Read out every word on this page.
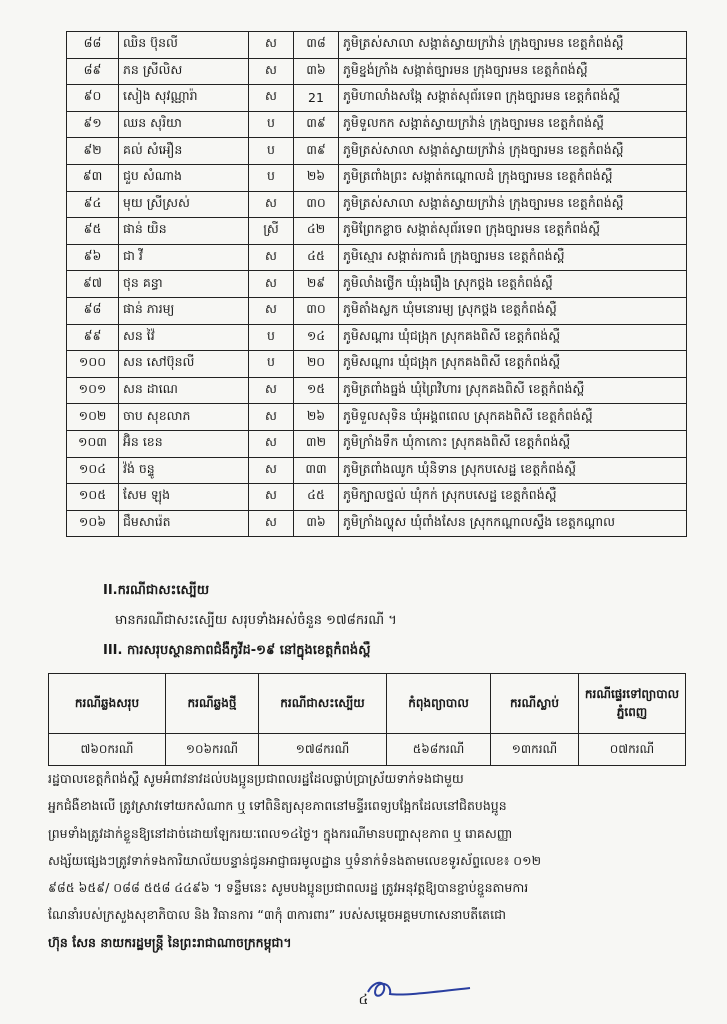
៨៨	ឈិន ប៊ុនលី	ស	៣៨	ភូមិត្រស់សាលា សង្កាត់ស្វាយក្រវ៉ាន់ ក្រុងច្បារមន ខេត្តកំពង់ស្ពឺ
៨៩	ភន ស្រីលិស	ស	៣៦	ភូមិខ្នង់ក្រាំង សង្កាត់ច្បារមន ក្រុងច្បារមន ខេត្តកំពង់ស្ពឺ
៩០	សៀង សុវណ្ណារ៉ា	ស	21	ភូមិហាលាំងសង្កែ សង្កាត់សុព័រទេព ក្រុងច្បារមន ខេត្តកំពង់ស្ពឺ
៩១	ឈន សុរិយា	ប	៣៩	ភូមិទួលកក សង្កាត់ស្វាយក្រវ៉ាន់ ក្រុងច្បារមន ខេត្តកំពង់ស្ពឺ
៩២	គល់ សំអឿន	ប	៣៩	ភូមិត្រស់សាលា សង្កាត់ស្វាយក្រវ៉ាន់ ក្រុងច្បារមន ខេត្តកំពង់ស្ពឺ
៩៣	ជួប សំណាង	ប	២៦	ភូមិត្រពាំងព្រះ សង្កាត់កណ្ដោលដំ ក្រុងច្បារមន ខេត្តកំពង់ស្ពឺ
៩៤	មុយ ស្រីស្រស់	ស	៣០	ភូមិត្រស់សាលា សង្កាត់ស្វាយក្រវ៉ាន់ ក្រុងច្បារមន ខេត្តកំពង់ស្ពឺ
៩៥	ផាន់ យិន	ស្រី	៤២	ភូមិព្រែកខ្លាច សង្កាត់សុព័រទេព ក្រុងច្បារមន ខេត្តកំពង់ស្ពឺ
៩៦	ជា វី	ស	៤៥	ភូមិស្មោរ សង្កាត់រការធំ ក្រុងច្បារមន ខេត្តកំពង់ស្ពឺ
៩៧	ថុន គន្ធា	ស	២៩	ភូមិលាំងថ្លើក ឃុំរុងរឿង ស្រុកថ្ពង ខេត្តកំពង់ស្ពឺ
៩៨	ផាន់ ភារម្យ	ស	៣០	ភូមិតាំងស្លក ឃុំមនោរម្យ ស្រុកថ្ពង ខេត្តកំពង់ស្ពឺ
៩៩	សន វ៉ៃ	ប	១៤	ភូមិសណ្ដារ ឃុំជង្រុក ស្រុកគងពិសី ខេត្តកំពង់ស្ពឺ
១០០	សន សៅប៊ុនលី	ប	២០	ភូមិសណ្ដារ ឃុំជង្រុក ស្រុកគងពិសី ខេត្តកំពង់ស្ពឺ
១០១	សន ដាណេ	ស	១៥	ភូមិត្រពាំងធ្នង់ ឃុំព្រៃវិហារ ស្រុកគងពិសី ខេត្តកំពង់ស្ពឺ
១០២	ចាប សុខលាភ	ស	២៦	ភូមិទួលសុទិន ឃុំអង្គពពេល ស្រុកគងពិសី ខេត្តកំពង់ស្ពឺ
១០៣	អ៊ិន ខេន	ស	៣២	ភូមិក្រាំងទឹក ឃុំកាកោះ ស្រុកគងពិសី ខេត្តកំពង់ស្ពឺ
១០៤	វ៉ង់ ចន្ទូ	ស	៣៣	ភូមិត្រពាំងឈូក ឃុំនិទាន ស្រុកបសេដ្ឋ ខេត្តកំពង់ស្ពឺ
១០៥	សែម ឡុង	ស	៤៥	ភូមិក្បាលថ្នល់ ឃុំកក់ ស្រុកបសេដ្ឋ ខេត្តកំពង់ស្ពឺ
១០៦	ជឹមសារ៉េត	ស	៣៦	ភូមិក្រាំងល្ហុស ឃុំពាំងសែន ស្រុកកណ្ដាលស្ទឹង ខេត្តកណ្ដាល
II.ករណីជាសះស្បើយ
មានករណីជាសះស្បើយ សរុបទាំងអស់ចំនួន ១៧៨ករណី ។
III. ការសរុបស្ថានភាពជំងឺកូវីដ-១៩ នៅក្នុងខេត្តកំពង់ស្ពឺ
ករណីឆ្លងសរុប	ករណីឆ្លងថ្មី	ករណីជាសះស្បើយ	កំពុងព្យាបាល	ករណីស្លាប់	ករណីផ្ទេរទៅព្យាបាល ភ្នំពេញ
៧៦០ករណី	១០៦ករណី	១៧៨ករណី	៥៦៨ករណី	១៣ករណី	០៧ករណី
រដ្ឋបាលខេត្តកំពង់ស្ពឺ សូមអំពាវនាវដល់បងប្អូនប្រជាពលរដ្ឋដែលធ្លាប់ប្រាស្រ័យទាក់ទងជាមួយ
អ្នកជំងឺខាងលើ ត្រូវស្រាវទៅយកសំណាក ឬ ទៅពិនិត្យសុខភាពនៅមន្ទីរពេទ្យបង្អែកដែលនៅជិតបងប្អូន
ព្រមទាំងត្រូវដាក់ខ្លួនឱ្យនៅដាច់ដោយឡែករយៈពេល១៤ថ្ងៃ។ ក្នុងករណីមានបញ្ហាសុខភាព ឬ រោគសញ្ញា
សង្ស័យផ្សេងៗត្រូវទាក់ទងការិយាល័យបន្ទាន់ជូនអាជ្ញាធរមូលដ្ឋាន ឬទំនាក់ទំនងតាមលេខទូរស័ព្ទលេខ៖ ០១២
៩៨៥ ៦៥៩/ ០៨៨ ៥៥៨ ៤៤៩៦ ។ ទន្ទឹមនេះ សូមបងប្អូនប្រជាពលរដ្ឋ ត្រូវអនុវត្តឱ្យបានខ្ជាប់ខ្ជួនតាមការ
ណែនាំរបស់ក្រសួងសុខាភិបាល និង វិធានការ “៣កុំ ៣ការពារ” របស់សម្ដេចអគ្គមហាសេនាបតីតេជោ
ហ៊ុន សែន នាយករដ្ឋមន្ត្រី នៃព្រះរាជាណាចក្រកម្ពុជា។
៤
